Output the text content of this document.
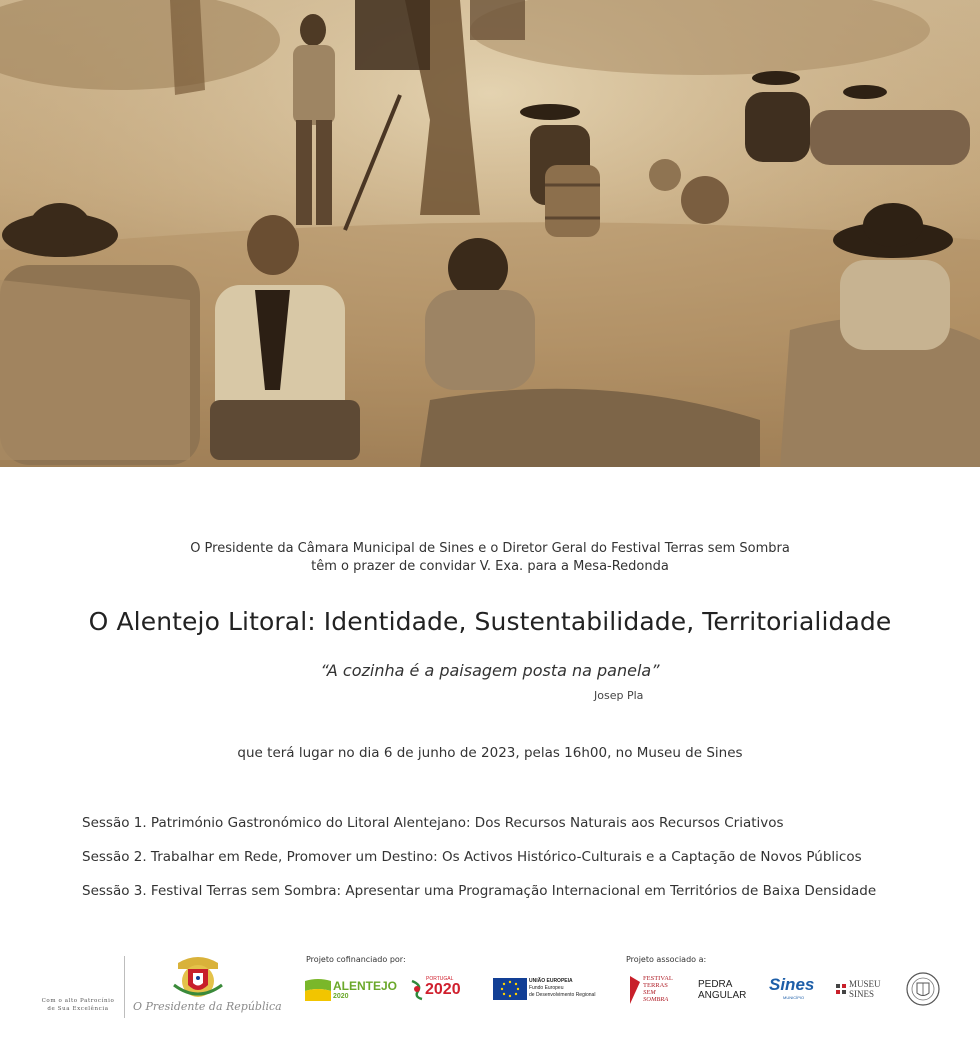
O Presidente da Câmara Municipal de Sines e o Diretor Geral do Festival Terras sem Sombra
têm o prazer de convidar V. Exa. para a Mesa-Redonda
O Alentejo Litoral: Identidade, Sustentabilidade, Territorialidade
“A cozinha é a paisagem posta na panela”
Josep Pla
que terá lugar no dia 6 de junho de 2023, pelas 16h00, no Museu de Sines
Sessão 1. Património Gastronómico do Litoral Alentejano: Dos Recursos Naturais aos Recursos Criativos
Sessão 2. Trabalhar em Rede, Promover um Destino: Os Activos Histórico-Culturais e a Captação de Novos Públicos
Sessão 3. Festival Terras sem Sombra: Apresentar uma Programação Internacional em Territórios de Baixa Densidade
Com o alto Patrocínio
de Sua Excelência	O Presidente da República
Projeto cofinanciado por:	Projeto associado a:
ALENTEJO
2020
PORTUGAL
2020	UNIÃO EUROPEIA
Fundo Europeu
de Desenvolvimento Regional
FESTIVAL
TERRAS
SEM
SOMBRA
PEDRA
ANGULAR
Sines
MUNICÍPIO
MUSEU
SINES
